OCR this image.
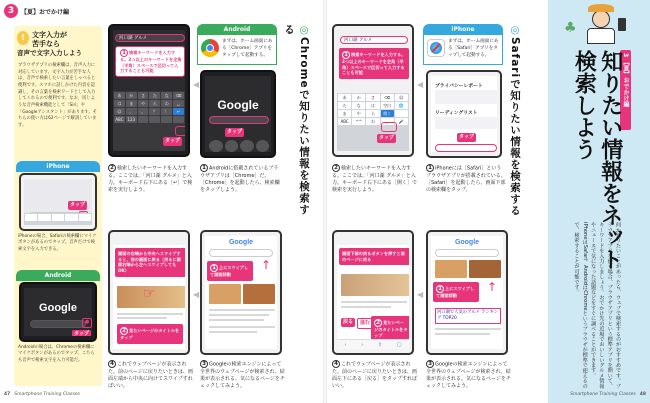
3	【夏】おでかけ編
!	文字入力が
苦手なら
音声で文字入力しよう
ブラウザアプリの検索欄は、音声入力に対応しています。文字入力が苦手な人は、音声で検索したい言葉をしゃべると便利です。スマホに話しかけた内容を認識し、その言葉を検索ワードとして入力してくれるので便利です。なお、同じような音声検索機能として「Siri」や「Googleアシスタント」があります。そちらの使い方は62ページで解説しています。
iPhone
タップ
iPhoneの場合、Safariの検索欄にマイクボタンがあるのでタップ。音声だけで検索文字を入力できる。
Android
Google
●
タップ
Androidの場合は、Chromeの検索欄にマイクボタンがあるのでタップ。こちらも音声で検索文字を入力可能だ。
河口湖 グルメ
1 検索キーワードを入力する。2つ以上のキーワードを全角（半角）スペースで区切って入力することも可能
あ	か	さ	た	な	⌫
は	ま	や	ら	わ	␣
☺	、	。	？	！	↵
ABC 123
タップ
2 検索したいキーワードを入力する。ここでは、「河口湖 グルメ」と入力。キーボード右下にある［↵］で検索を実行しよう。
Android
まずは、ホーム画面にある［Chrome］アプリをタップして起動する。
Google
タップ
1 Androidに搭載されているブラウザアプリは［Chrome］だ。［Chrome］を起動したら、検索欄をタップしよう。
◎Chromeで知りたい情報を検索する
画面の右端から中央へスワイプすると、前の画面に戻る（戻るに画面右端から左へスワイプしてもOK）
☞
2 見たいページのタイトルをタップ
4 これでウェブページが表示された。前のページに戻りたいときは、画面左端から中央に向けてスワイプすればいい。
Google
1 上にスワイプして画面移動
↑
3 Googleの検索エンジンによって全世界のウェブページが検索され、結果が表示される。気になるページをチェックしてみよう。
◀
◀
47 Smartphone Training Classes
河口湖 グルメ
1 検索キーワードを入力する。2つ以上のキーワードを全角（半角）スペースで区切って入力することも可能
あ	か	さ	⌫	☺
た	な	は	空白	🌐
ま	や	ら	開く
ABC	^^	わ	、	🎤
タップ
2 検索したいキーワードを入力する。ここでは、「河口湖 グルメ」と入力。キーボード右下にある［開く］で検索を実行しよう。
iPhone
まずは、ホーム画面にある［Safari］アプリをタップして起動する。
プライバシーレポート
リーディングリスト
タップ
1 iPhoneには［Safari］というブラウザアプリが搭載されている。［Safari］を起動したら、画面下部の検索欄をタップ。
◎Safariで知りたい情報を検索する
画面下部の戻るボタンを押すと前のページに戻る
戻る	進む	2 見たいページのタイトルをタップ
‹	›	⇪	▢
4 これでウェブページが表示された。前のページに戻りたいときは、画面左下にある［戻る］をタップすればいい。
Google
1 上にスワイプして画面移動
↑
河口湖で人気のグルメ ランキング TOP20
3 Googleの検索エンジンによって全世界のウェブページが検索され、結果が表示される。気になるページをチェックしてみよう。
◀
◀
♣
3 【夏】おでかけ編
知りたい情報をネット検索しよう
何か知りたいことがあったら、ウェブで検索するのがおすすめです。ブラウザアプリを使う場合、ブラウザアプリという標準アプリを開いて、キーワードを入力しましょう。おでかけ先の近場でおいしいグルメ情報やニュースで気になった話題などをすぐに調べることができます。iPhoneはSafari、AndroidはChromeというブラウザが標準で使えるので、検索することが可能です。
Smartphone Training Classes 48
